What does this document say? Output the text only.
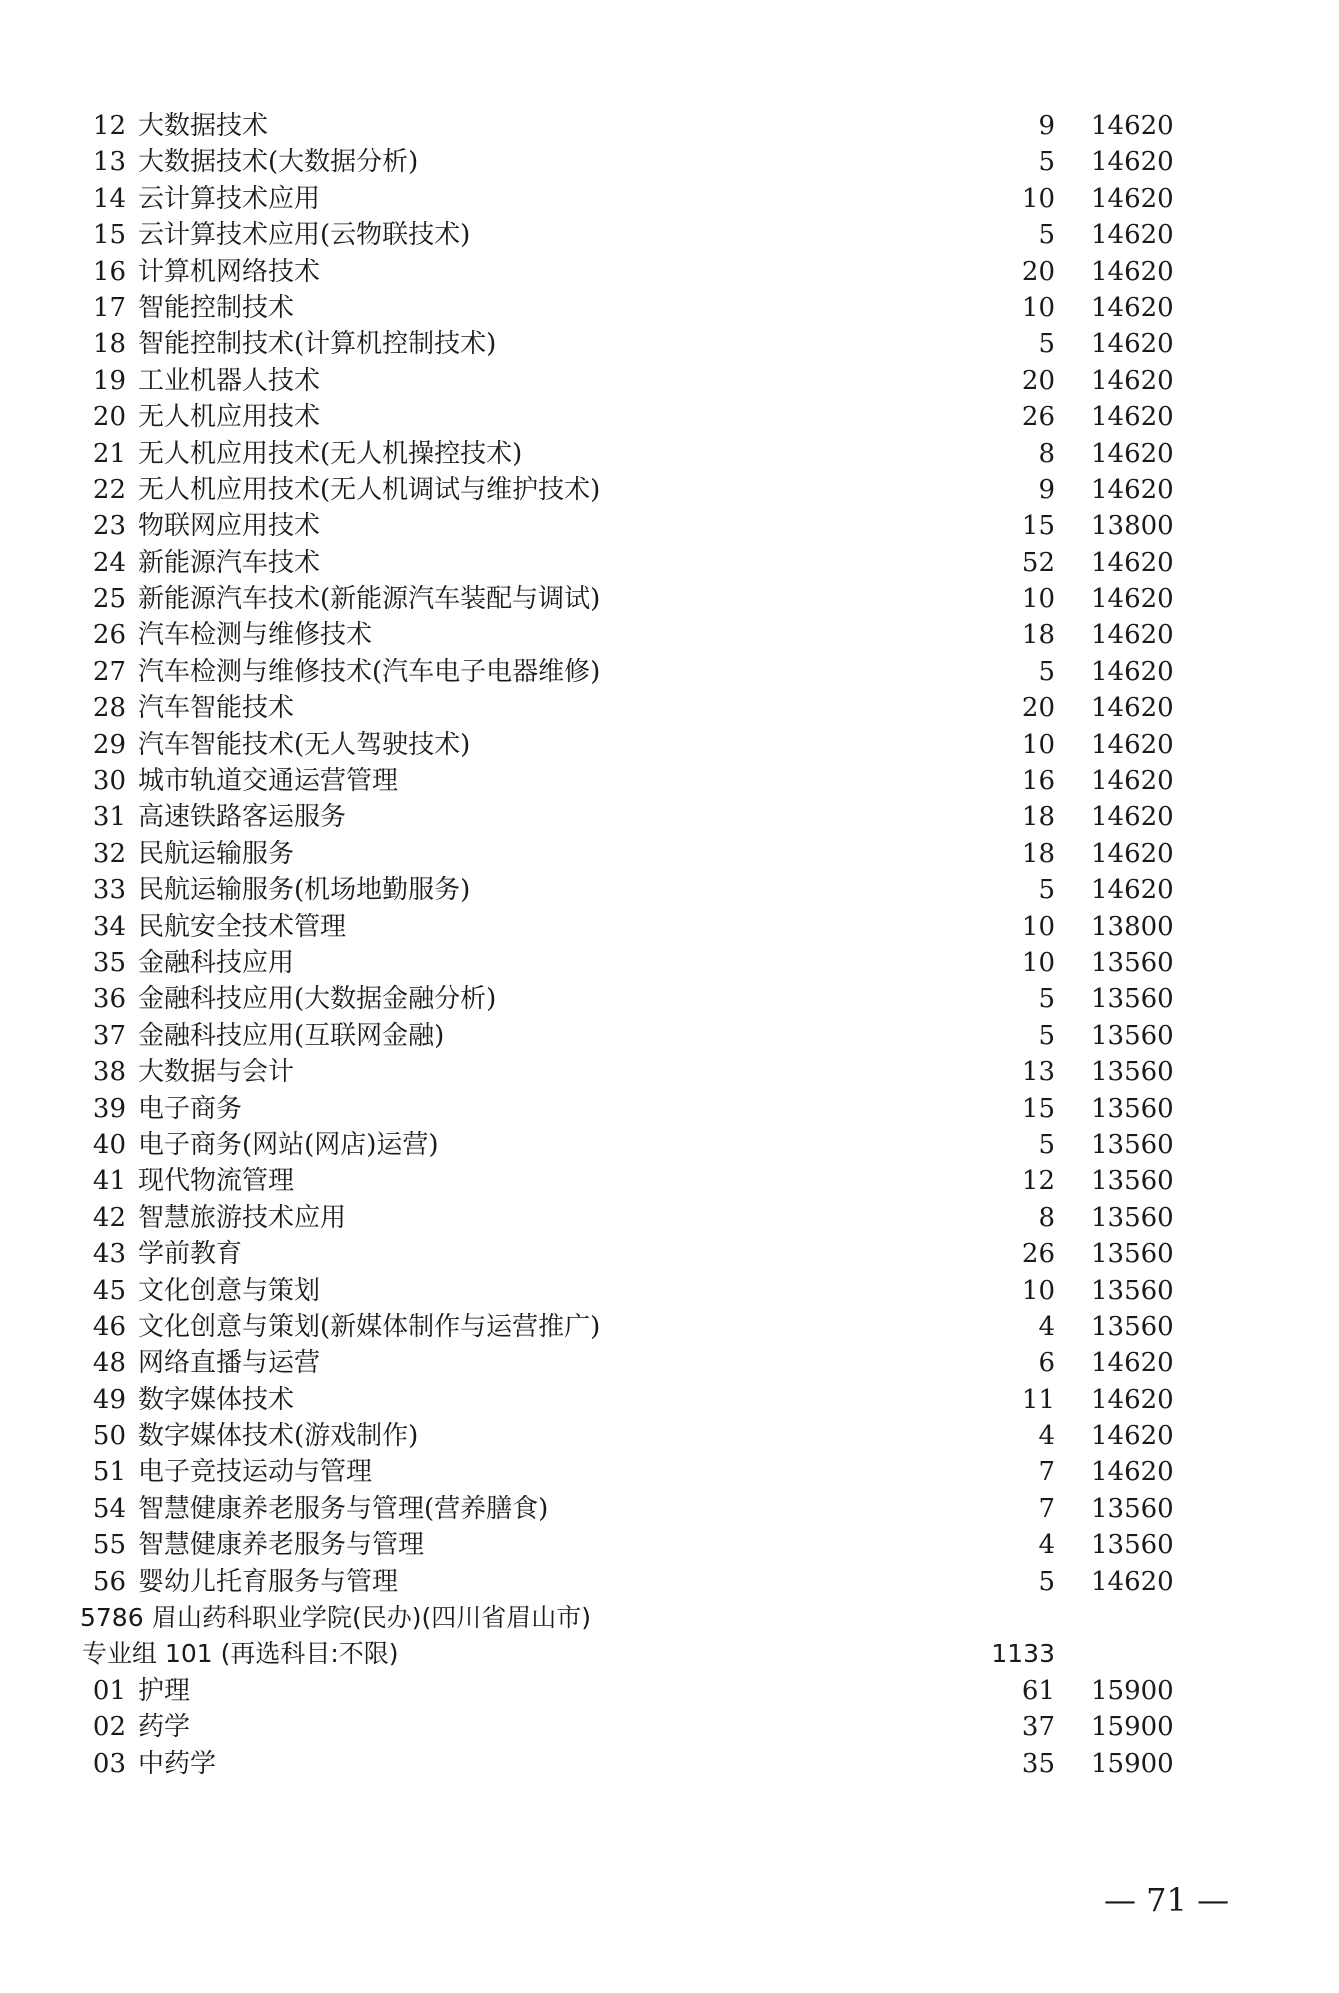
12 大数据技术	9 14620
13 大数据技术(大数据分析)	5 14620
14 云计算技术应用	10 14620
15 云计算技术应用(云物联技术)	5 14620
16 计算机网络技术	20 14620
17 智能控制技术	10 14620
18 智能控制技术(计算机控制技术)	5 14620
19 工业机器人技术	20 14620
20 无人机应用技术	26 14620
21 无人机应用技术(无人机操控技术)	8 14620
22 无人机应用技术(无人机调试与维护技术)	9 14620
23 物联网应用技术	15 13800
24 新能源汽车技术	52 14620
25 新能源汽车技术(新能源汽车装配与调试)	10 14620
26 汽车检测与维修技术	18 14620
27 汽车检测与维修技术(汽车电子电器维修)	5 14620
28 汽车智能技术	20 14620
29 汽车智能技术(无人驾驶技术)	10 14620
30 城市轨道交通运营管理	16 14620
31 高速铁路客运服务	18 14620
32 民航运输服务	18 14620
33 民航运输服务(机场地勤服务)	5 14620
34 民航安全技术管理	10 13800
35 金融科技应用	10 13560
36 金融科技应用(大数据金融分析)	5 13560
37 金融科技应用(互联网金融)	5 13560
38 大数据与会计	13 13560
39 电子商务	15 13560
40 电子商务(网站(网店)运营)	5 13560
41 现代物流管理	12 13560
42 智慧旅游技术应用	8 13560
43 学前教育	26 13560
45 文化创意与策划	10 13560
46 文化创意与策划(新媒体制作与运营推广)	4 13560
48 网络直播与运营	6 14620
49 数字媒体技术	11 14620
50 数字媒体技术(游戏制作)	4 14620
51 电子竞技运动与管理	7 14620
54 智慧健康养老服务与管理(营养膳食)	7 13560
55 智慧健康养老服务与管理	4 13560
56 婴幼儿托育服务与管理	5 14620
5786 眉山药科职业学院(民办)(四川省眉山市)
专业组 101 (再选科目:不限)	1133
01 护理	61 15900
02 药学	37 15900
03 中药学	35 15900
— 71 —
